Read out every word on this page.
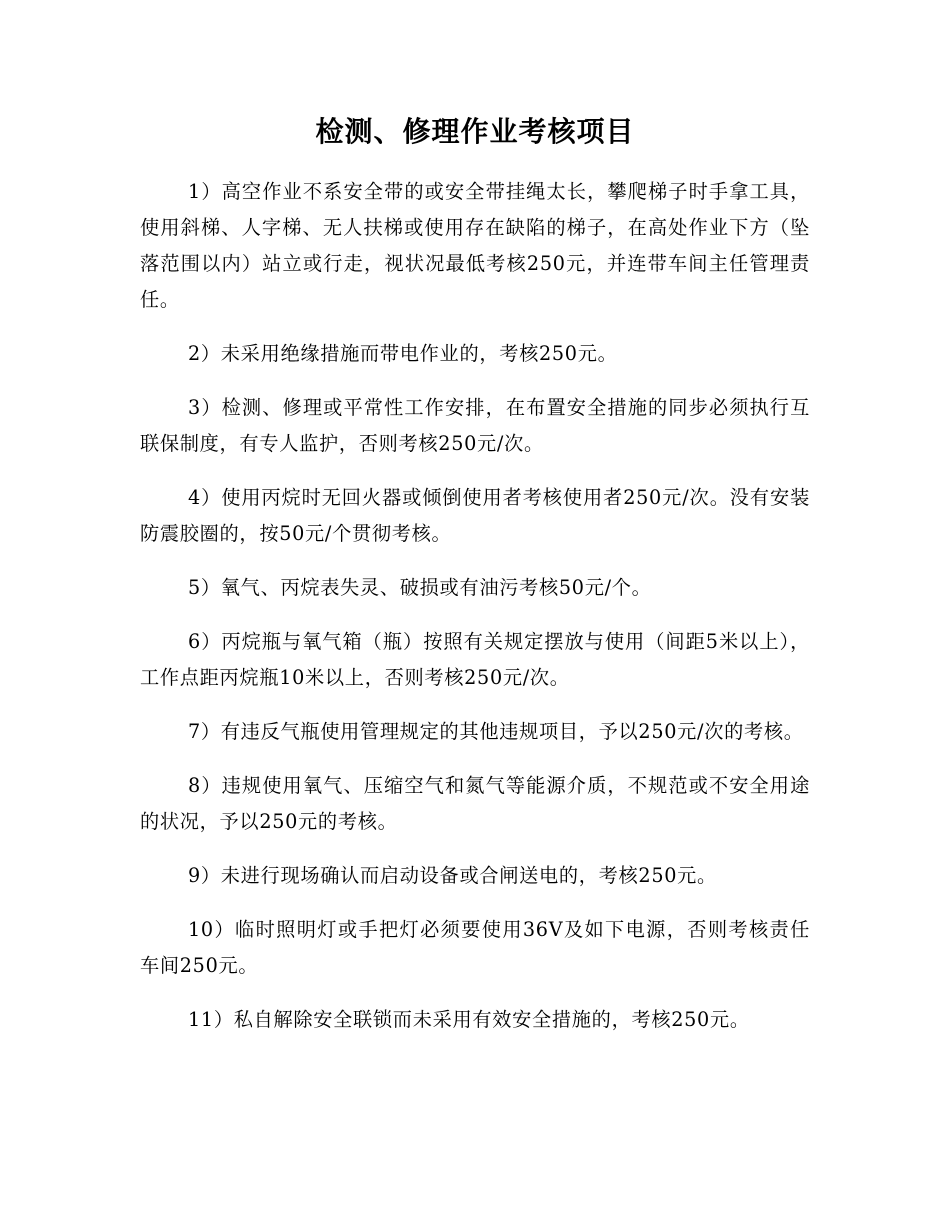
检测、修理作业考核项目
1）高空作业不系安全带的或安全带挂绳太长，攀爬梯子时手拿工具，使用斜梯、人字梯、无人扶梯或使用存在缺陷的梯子，在高处作业下方（坠落范围以内）站立或行走，视状况最低考核250元，并连带车间主任管理责任。
2）未采用绝缘措施而带电作业的，考核250元。
3）检测、修理或平常性工作安排，在布置安全措施的同步必须执行互联保制度，有专人监护，否则考核250元/次。
4）使用丙烷时无回火器或倾倒使用者考核使用者250元/次。没有安装防震胶圈的，按50元/个贯彻考核。
5）氧气、丙烷表失灵、破损或有油污考核50元/个。
6）丙烷瓶与氧气箱（瓶）按照有关规定摆放与使用（间距5米以上），工作点距丙烷瓶10米以上，否则考核250元/次。
7）有违反气瓶使用管理规定的其他违规项目，予以250元/次的考核。
8）违规使用氧气、压缩空气和氮气等能源介质，不规范或不安全用途的状况，予以250元的考核。
9）未进行现场确认而启动设备或合闸送电的，考核250元。
10）临时照明灯或手把灯必须要使用36V及如下电源，否则考核责任车间250元。
11）私自解除安全联锁而未采用有效安全措施的，考核250元。
